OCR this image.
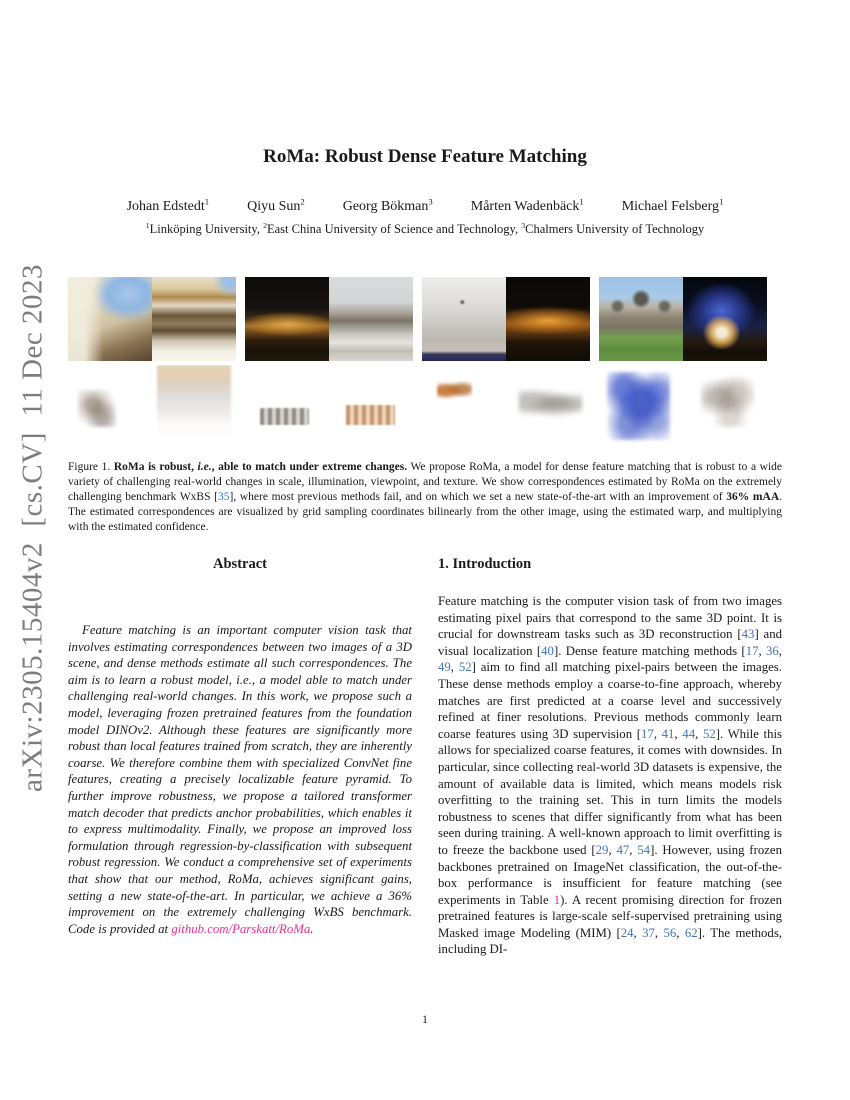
arXiv:2305.15404v2  [cs.CV]  11 Dec 2023
RoMa: Robust Dense Feature Matching
Johan Edstedt$^1$	Qiyu Sun$^2$	Georg Bökman$^3$	Mårten Wadenbäck$^1$	Michael Felsberg$^1$
$^1$Linköping University, $^2$East China University of Science and Technology, $^3$Chalmers University of Technology
Figure 1. RoMa is robust, i.e., able to match under extreme changes. We propose RoMa, a model for dense feature matching that is robust to a wide variety of challenging real-world changes in scale, illumination, viewpoint, and texture. We show correspondences estimated by RoMa on the extremely challenging benchmark WxBS [35], where most previous methods fail, and on which we set a new state-of-the-art with an improvement of 36% mAA. The estimated correspondences are visualized by grid sampling coordinates bilinearly from the other image, using the estimated warp, and multiplying with the estimated confidence.
Abstract
Feature matching is an important computer vision task that involves estimating correspondences between two images of a 3D scene, and dense methods estimate all such correspondences. The aim is to learn a robust model, i.e., a model able to match under challenging real-world changes. In this work, we propose such a model, leveraging frozen pretrained features from the foundation model DINOv2. Although these features are significantly more robust than local features trained from scratch, they are inherently coarse. We therefore combine them with specialized ConvNet fine features, creating a precisely localizable feature pyramid. To further improve robustness, we propose a tailored transformer match decoder that predicts anchor probabilities, which enables it to express multimodality. Finally, we propose an improved loss formulation through regression-by-classification with subsequent robust regression. We conduct a comprehensive set of experiments that show that our method, RoMa, achieves significant gains, setting a new state-of-the-art. In particular, we achieve a 36% improvement on the extremely challenging WxBS benchmark. Code is provided at github.com/Parskatt/RoMa.
1. Introduction
Feature matching is the computer vision task of from two images estimating pixel pairs that correspond to the same 3D point. It is crucial for downstream tasks such as 3D reconstruction [43] and visual localization [40]. Dense feature matching methods [17, 36, 49, 52] aim to find all matching pixel-pairs between the images. These dense methods employ a coarse-to-fine approach, whereby matches are first predicted at a coarse level and successively refined at finer resolutions. Previous methods commonly learn coarse features using 3D supervision [17, 41, 44, 52]. While this allows for specialized coarse features, it comes with downsides. In particular, since collecting real-world 3D datasets is expensive, the amount of available data is limited, which means models risk overfitting to the training set. This in turn limits the models robustness to scenes that differ significantly from what has been seen during training. A well-known approach to limit overfitting is to freeze the backbone used [29, 47, 54]. However, using frozen backbones pretrained on ImageNet classification, the out-of-the-box performance is insufficient for feature matching (see experiments in Table 1). A recent promising direction for frozen pretrained features is large-scale self-supervised pretraining using Masked image Modeling (MIM) [24, 37, 56, 62]. The methods, including DI-
1
